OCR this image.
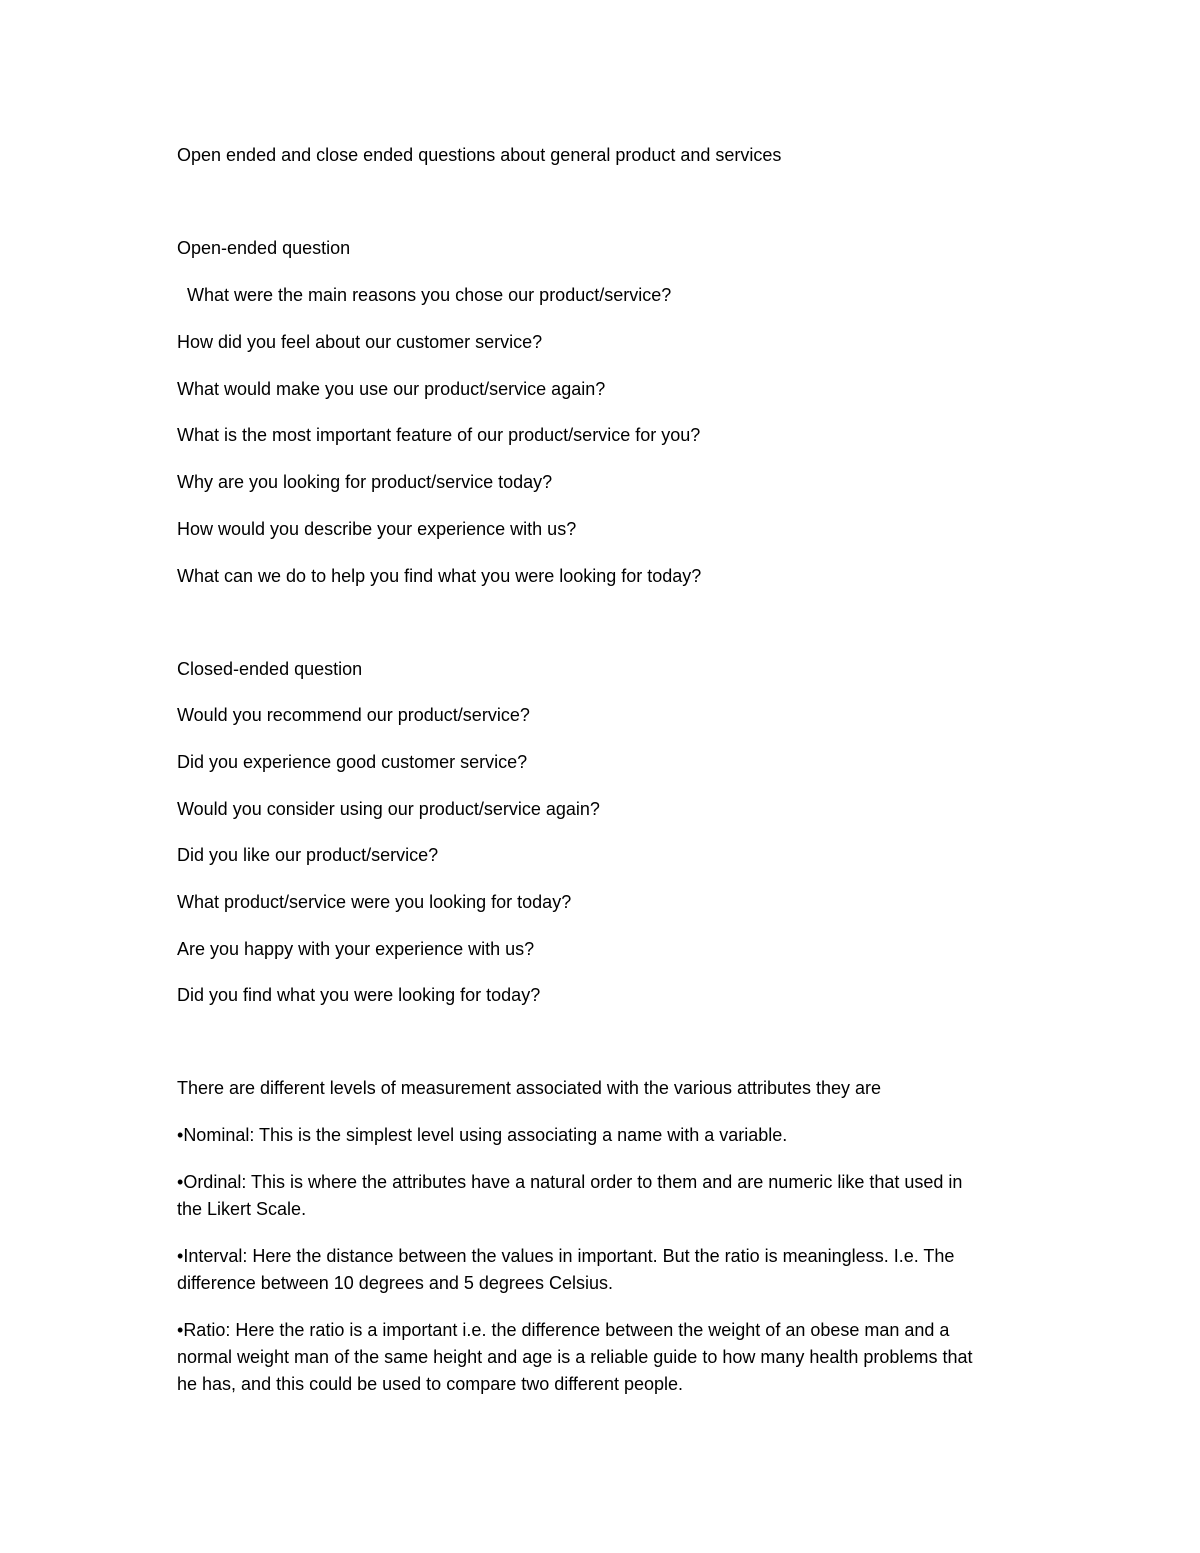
Open ended and close ended questions about general product and services

Open-ended question

What were the main reasons you chose our product/service?

How did you feel about our customer service?

What would make you use our product/service again?

What is the most important feature of our product/service for you?

Why are you looking for product/service today?

How would you describe your experience with us?

What can we do to help you find what you were looking for today?

Closed-ended question

Would you recommend our product/service?

Did you experience good customer service?

Would you consider using our product/service again?

Did you like our product/service?

What product/service were you looking for today?

Are you happy with your experience with us?

Did you find what you were looking for today?

There are different levels of measurement associated with the various attributes they are

•Nominal: This is the simplest level using associating a name with a variable.

•Ordinal: This is where the attributes have a natural order to them and are numeric like that used in the Likert Scale.

•Interval: Here the distance between the values in important. But the ratio is meaningless. I.e. The difference between 10 degrees and 5 degrees Celsius.

•Ratio: Here the ratio is a important i.e. the difference between the weight of an obese man and a normal weight man of the same height and age is a reliable guide to how many health problems that he has, and this could be used to compare two different people.
